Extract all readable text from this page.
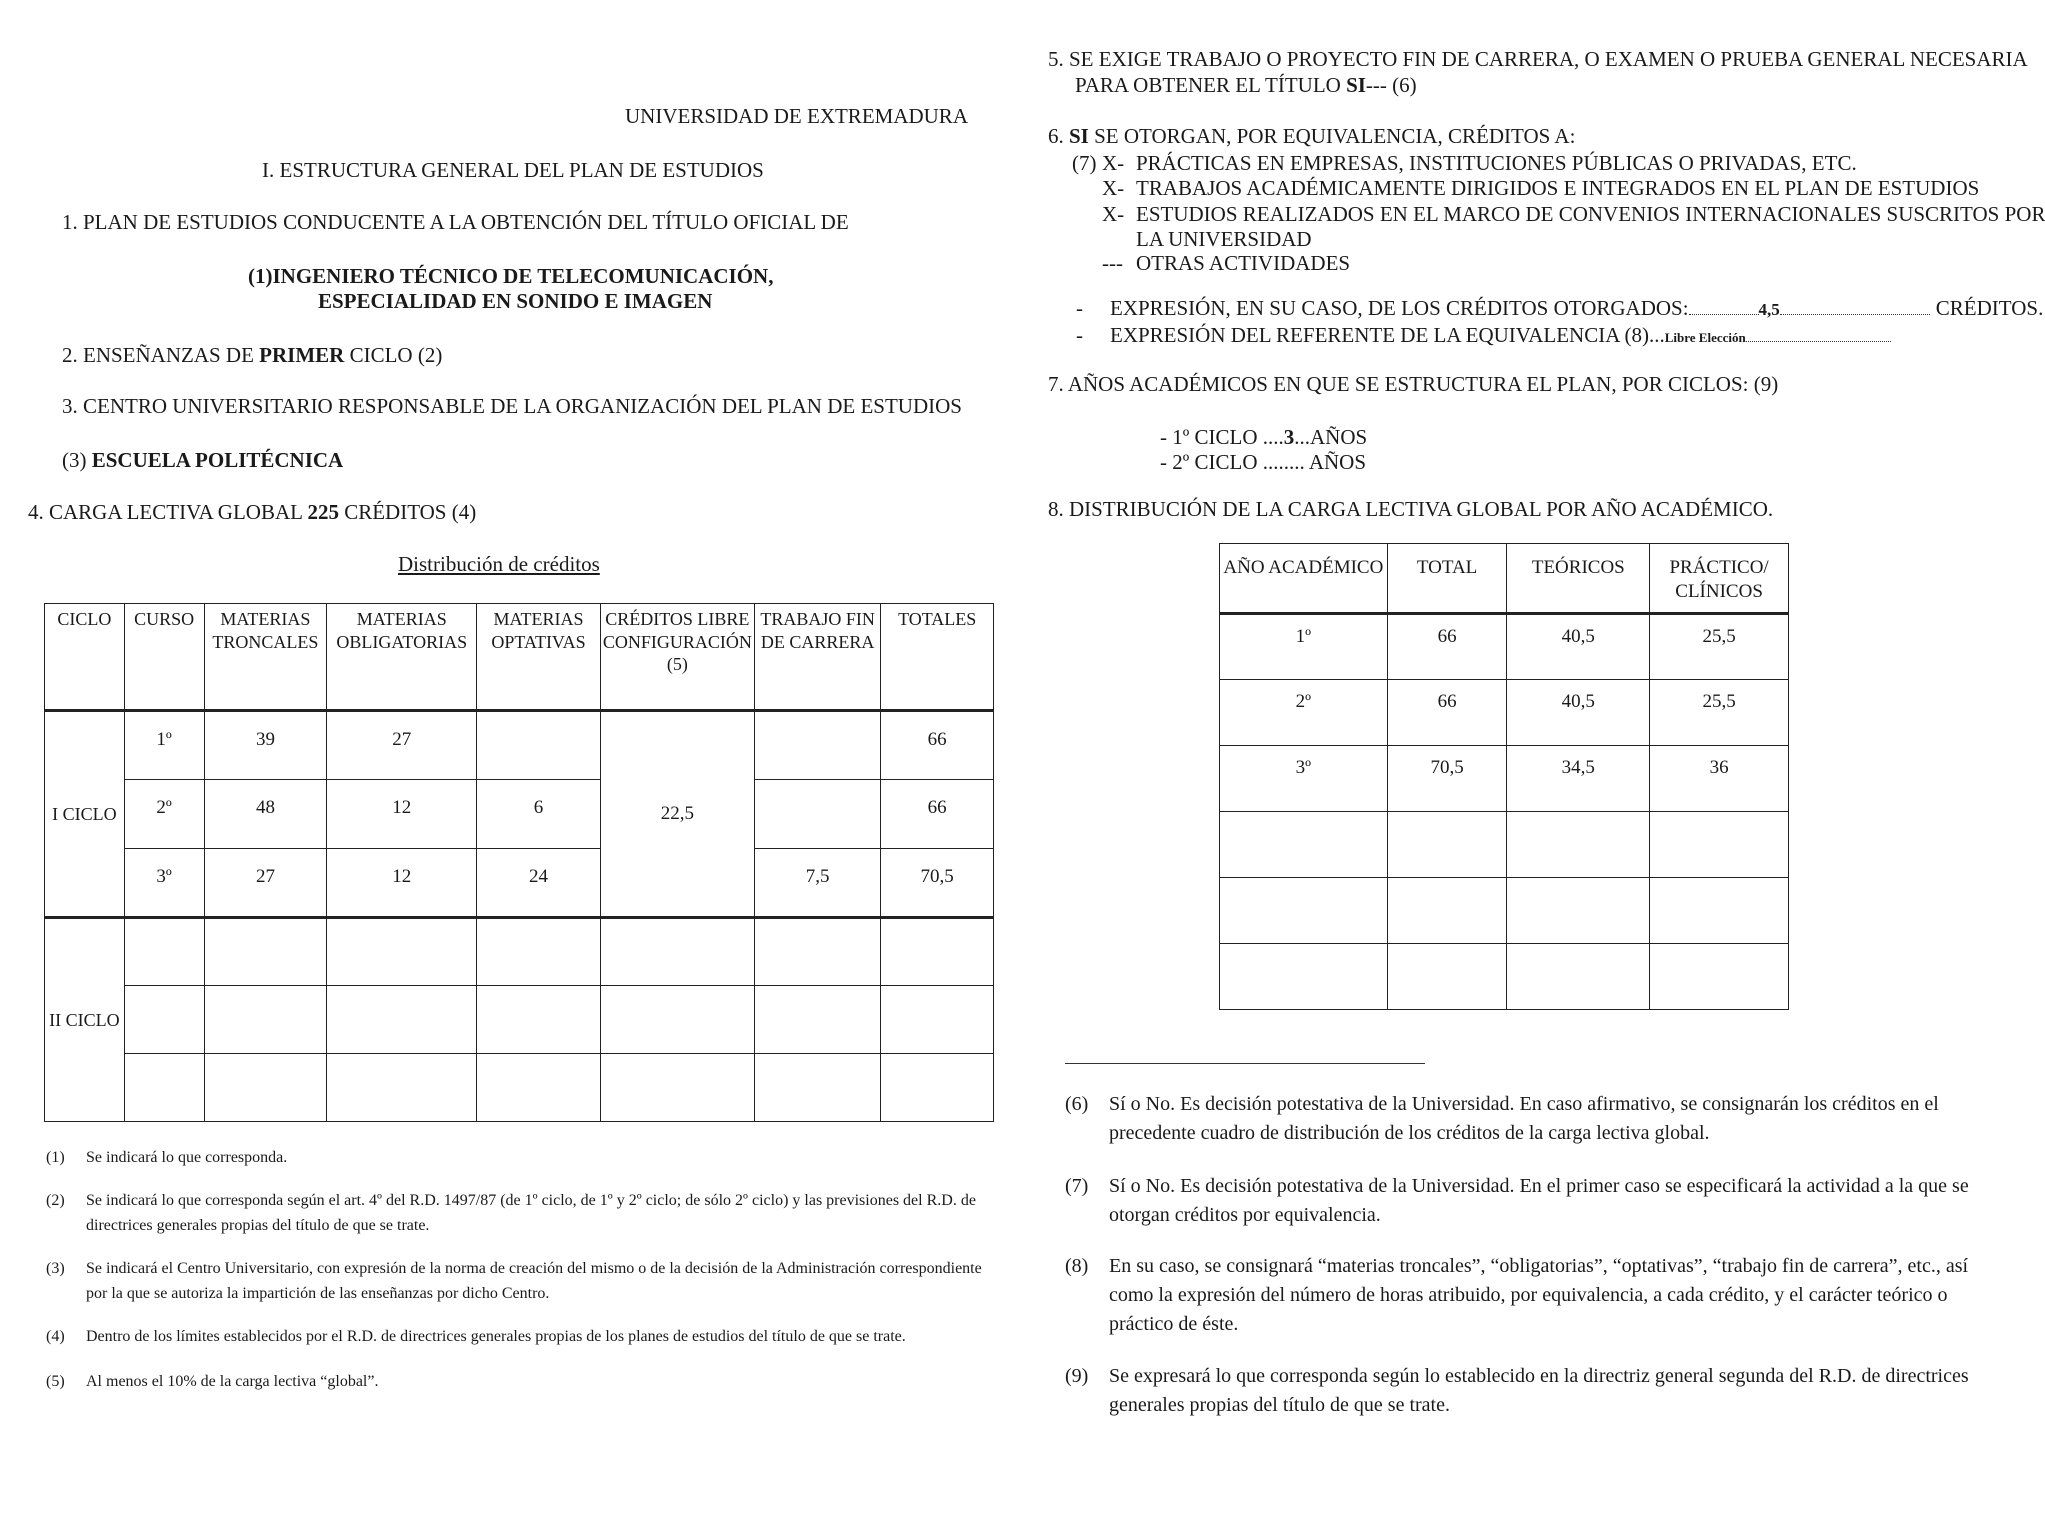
UNIVERSIDAD DE EXTREMADURA
I. ESTRUCTURA GENERAL DEL PLAN DE ESTUDIOS
1. PLAN DE ESTUDIOS CONDUCENTE A LA OBTENCIÓN DEL TÍTULO OFICIAL DE
(1)INGENIERO TÉCNICO DE TELECOMUNICACIÓN,
ESPECIALIDAD EN SONIDO E IMAGEN
2. ENSEÑANZAS DE PRIMER CICLO (2)
3. CENTRO UNIVERSITARIO RESPONSABLE DE LA ORGANIZACIÓN DEL PLAN DE ESTUDIOS
(3) ESCUELA POLITÉCNICA
4. CARGA LECTIVA GLOBAL 225 CRÉDITOS (4)
Distribución de créditos
CICLO	CURSO	MATERIAS TRONCALES	MATERIAS OBLIGATORIAS	MATERIAS OPTATIVAS	CRÉDITOS LIBRE CONFIGURACIÓN (5)	TRABAJO FIN DE CARRERA	TOTALES
I CICLO	1º	39	27		22,5		66
	2º	48	12	6			66
	3º	27	12	24		7,5	70,5
II CICLO							

(1) Se indicará lo que corresponda.
(2) Se indicará lo que corresponda según el art. 4º del R.D. 1497/87 (de 1º ciclo, de 1º y 2º ciclo; de sólo 2º ciclo) y las previsiones del R.D. de directrices generales propias del título de que se trate.
(3) Se indicará el Centro Universitario, con expresión de la norma de creación del mismo o de la decisión de la Administración correspondiente por la que se autoriza la impartición de las enseñanzas por dicho Centro.
(4) Dentro de los límites establecidos por el R.D. de directrices generales propias de los planes de estudios del título de que se trate.
(5) Al menos el 10% de la carga lectiva “global”.
5. SE EXIGE TRABAJO O PROYECTO FIN DE CARRERA, O EXAMEN O PRUEBA GENERAL NECESARIA
PARA OBTENER EL TÍTULO SI--- (6)
6. SI SE OTORGAN, POR EQUIVALENCIA, CRÉDITOS A:
(7) X- PRÁCTICAS EN EMPRESAS, INSTITUCIONES PÚBLICAS O PRIVADAS, ETC.
X- TRABAJOS ACADÉMICAMENTE DIRIGIDOS E INTEGRADOS EN EL PLAN DE ESTUDIOS
X- ESTUDIOS REALIZADOS EN EL MARCO DE CONVENIOS INTERNACIONALES SUSCRITOS POR
LA UNIVERSIDAD
--- OTRAS ACTIVIDADES
- EXPRESIÓN, EN SU CASO, DE LOS CRÉDITOS OTORGADOS:	4,5	CRÉDITOS.
- EXPRESIÓN DEL REFERENTE DE LA EQUIVALENCIA (8)...Libre Elección
7. AÑOS ACADÉMICOS EN QUE SE ESTRUCTURA EL PLAN, POR CICLOS: (9)
- 1º CICLO ....3...AÑOS
- 2º CICLO ........ AÑOS
8. DISTRIBUCIÓN DE LA CARGA LECTIVA GLOBAL POR AÑO ACADÉMICO.
AÑO ACADÉMICO	TOTAL	TEÓRICOS	PRÁCTICO/ CLÍNICOS
1º	66	40,5	25,5
2º	66	40,5	25,5
3º	70,5	34,5	36

(6) Sí o No. Es decisión potestativa de la Universidad. En caso afirmativo, se consignarán los créditos en el precedente cuadro de distribución de los créditos de la carga lectiva global.
(7) Sí o No. Es decisión potestativa de la Universidad. En el primer caso se especificará la actividad a la que se otorgan créditos por equivalencia.
(8) En su caso, se consignará “materias troncales”, “obligatorias”, “optativas”, “trabajo fin de carrera”, etc., así como la expresión del número de horas atribuido, por equivalencia, a cada crédito, y el carácter teórico o práctico de éste.
(9) Se expresará lo que corresponda según lo establecido en la directriz general segunda del R.D. de directrices generales propias del título de que se trate.
